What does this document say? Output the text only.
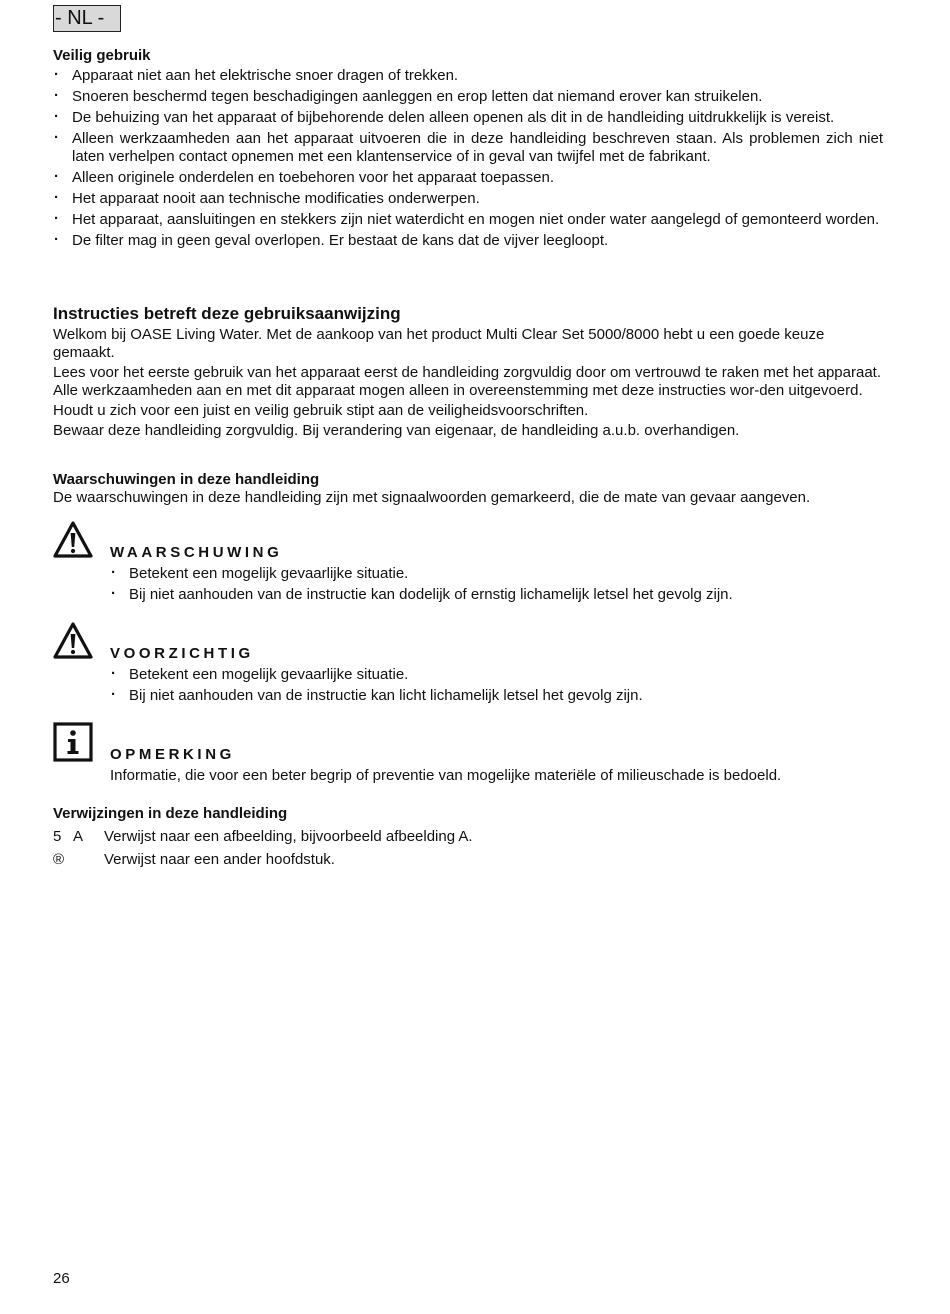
- NL -
Veilig gebruik
· Apparaat niet aan het elektrische snoer dragen of trekken.
· Snoeren beschermd tegen beschadigingen aanleggen en erop letten dat niemand erover kan struikelen.
· De behuizing van het apparaat of bijbehorende delen alleen openen als dit in de handleiding uitdrukkelijk is vereist.
· Alleen werkzaamheden aan het apparaat uitvoeren die in deze handleiding beschreven staan. Als problemen zich niet laten verhelpen contact opnemen met een klantenservice of in geval van twijfel met de fabrikant.
· Alleen originele onderdelen en toebehoren voor het apparaat toepassen.
· Het apparaat nooit aan technische modificaties onderwerpen.
· Het apparaat, aansluitingen en stekkers zijn niet waterdicht en mogen niet onder water aangelegd of gemonteerd worden.
· De filter mag in geen geval overlopen. Er bestaat de kans dat de vijver leegloopt.
Instructies betreft deze gebruiksaanwijzing

Welkom bij OASE Living Water. Met de aankoop van het product Multi Clear Set 5000/8000 hebt u een goede keuze gemaakt.

Lees voor het eerste gebruik van het apparaat eerst de handleiding zorgvuldig door om vertrouwd te raken met het apparaat. Alle werkzaamheden aan en met dit apparaat mogen alleen in overeenstemming met deze instructies wor-den uitgevoerd.

Houdt u zich voor een juist en veilig gebruik stipt aan de veiligheidsvoorschriften.

Bewaar deze handleiding zorgvuldig. Bij verandering van eigenaar, de handleiding a.u.b. overhandigen.

Waarschuwingen in deze handleiding

De waarschuwingen in deze handleiding zijn met signaalwoorden gemarkeerd, die de mate van gevaar aangeven.

WAARSCHUWING
· Betekent een mogelijk gevaarlijke situatie.
· Bij niet aanhouden van de instructie kan dodelijk of ernstig lichamelijk letsel het gevolg zijn.
VOORZICHTIG
· Betekent een mogelijk gevaarlijke situatie.
· Bij niet aanhouden van de instructie kan licht lichamelijk letsel het gevolg zijn.
OPMERKING

Informatie, die voor een beter begrip of preventie van mogelijke materiële of milieuschade is bedoeld.

Verwijzingen in deze handleiding
5   A	Verwijst naar een afbeelding, bijvoorbeeld afbeelding A.
®	Verwijst naar een ander hoofdstuk.
26
